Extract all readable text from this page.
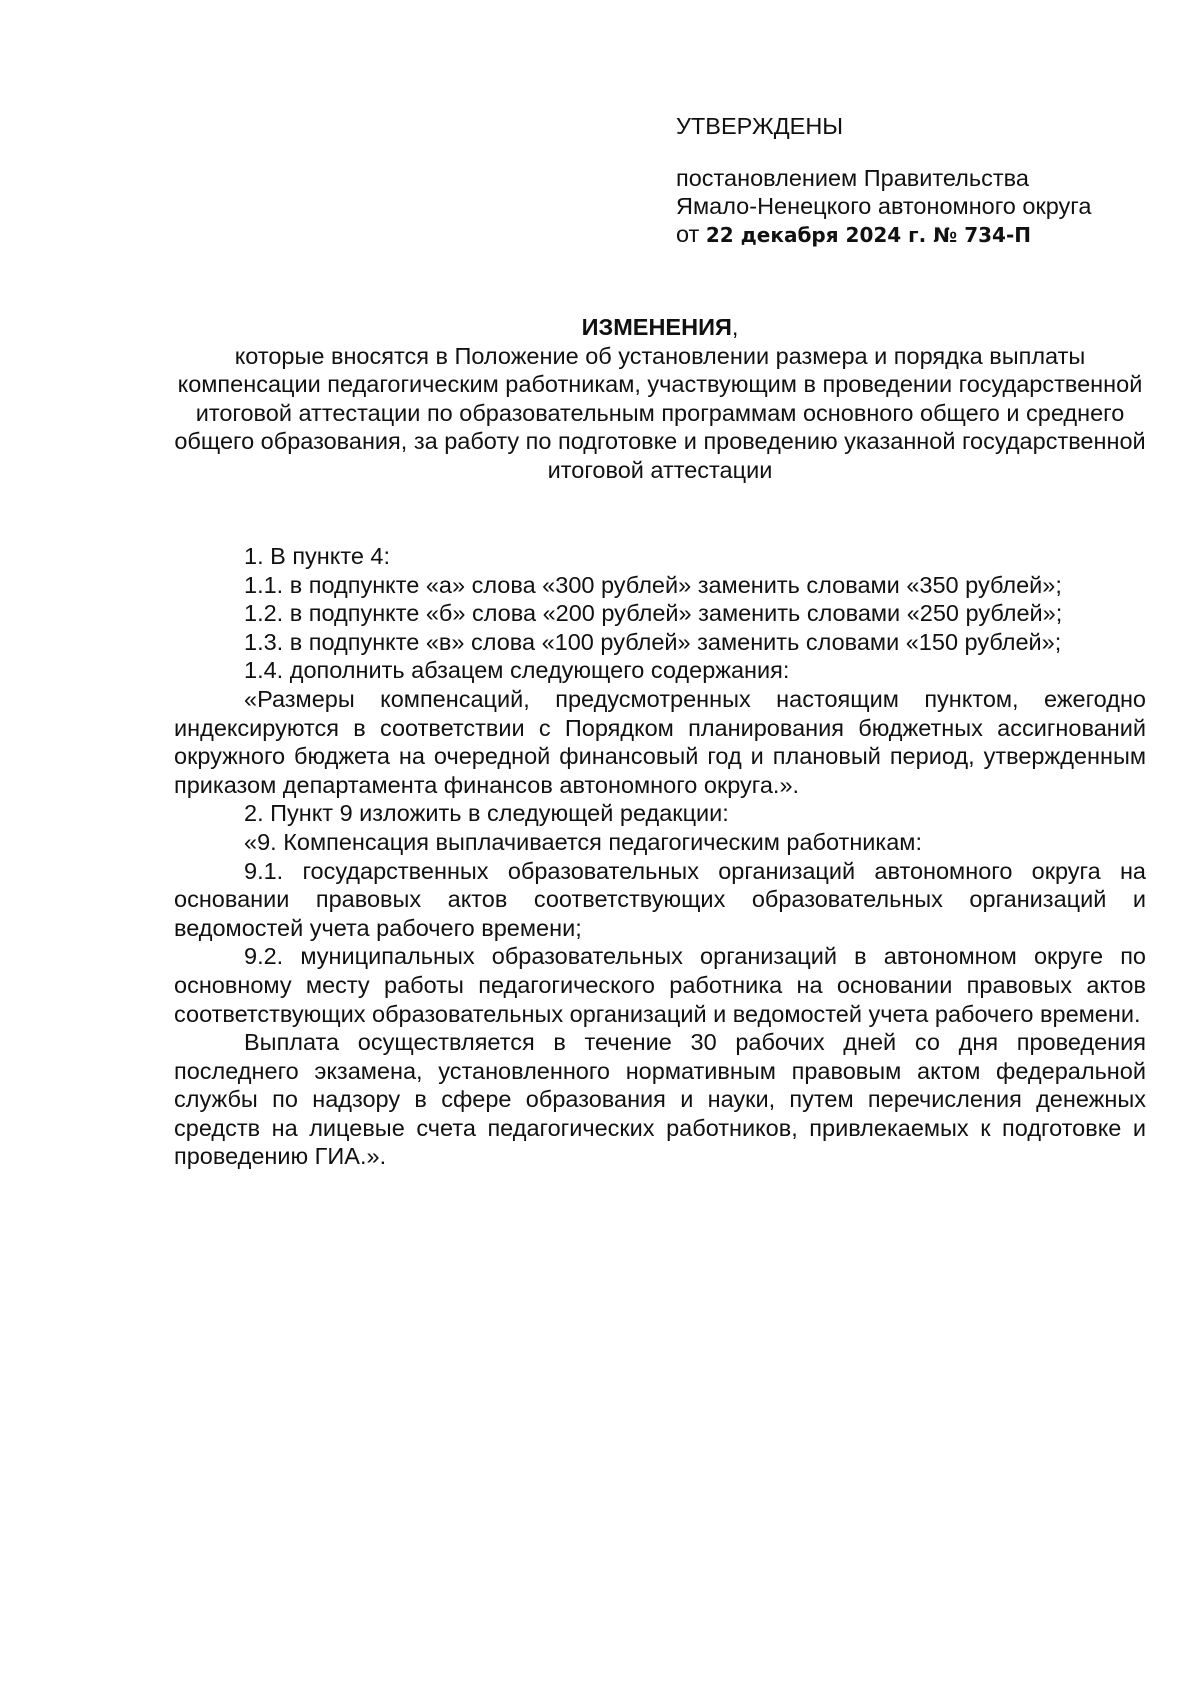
УТВЕРЖДЕНЫ

постановлением Правительства

Ямало-Ненецкого автономного округа

от 22 декабря 2024 г. № 734-П

ИЗМЕНЕНИЯ,

которые вносятся в Положение об установлении размера и порядка выплаты компенсации педагогическим работникам, участвующим в проведении государственной итоговой аттестации по образовательным программам основного общего и среднего общего образования, за работу по подготовке и проведению указанной государственной итоговой аттестации

1. В пункте 4:

1.1. в подпункте «а» слова «300 рублей» заменить словами «350 рублей»;

1.2. в подпункте «б» слова «200 рублей» заменить словами «250 рублей»;

1.3. в подпункте «в» слова «100 рублей» заменить словами «150 рублей»;

1.4. дополнить абзацем следующего содержания:

«Размеры компенсаций, предусмотренных настоящим пунктом, ежегодно индексируются в соответствии с Порядком планирования бюджетных ассигнований окружного бюджета на очередной финансовый год и плановый период, утвержденным приказом департамента финансов автономного округа.».

2. Пункт 9 изложить в следующей редакции:

«9. Компенсация выплачивается педагогическим работникам:

9.1. государственных образовательных организаций автономного округа на основании правовых актов соответствующих образовательных организаций и ведомостей учета рабочего времени;

9.2. муниципальных образовательных организаций в автономном округе по основному месту работы педагогического работника на основании правовых актов соответствующих образовательных организаций и ведомостей учета рабочего времени.

Выплата осуществляется в течение 30 рабочих дней со дня проведения последнего экзамена, установленного нормативным правовым актом федеральной службы по надзору в сфере образования и науки, путем перечисления денежных средств на лицевые счета педагогических работников, привлекаемых к подготовке и проведению ГИА.».
